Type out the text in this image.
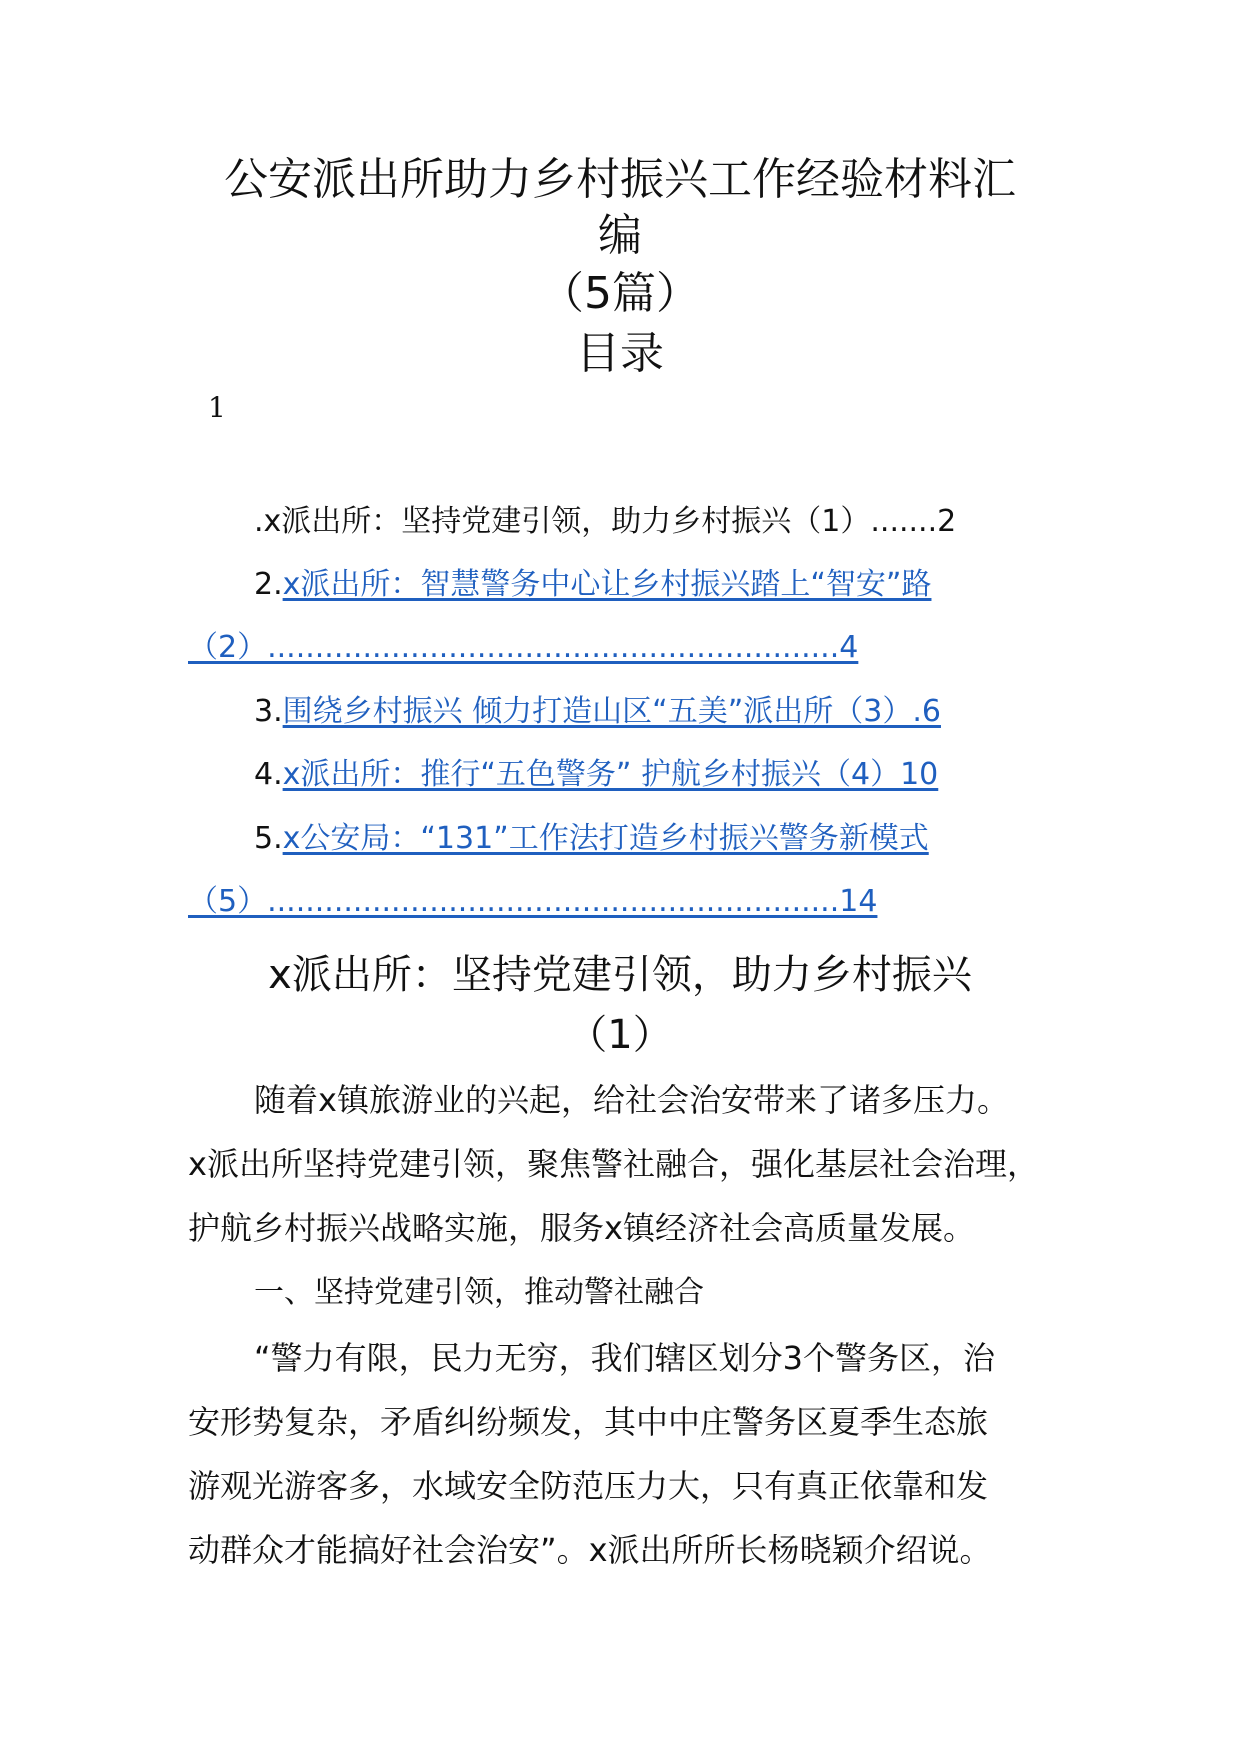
公安派出所助力乡村振兴工作经验材料汇
编
（5篇）
目录
1
.x派出所：坚持党建引领，助力乡村振兴（1）.......2
2.x派出所：智慧警务中心让乡村振兴踏上“智安”路
（2）............................................................4
3.围绕乡村振兴 倾力打造山区“五美”派出所（3）.6
4.x派出所：推行“五色警务” 护航乡村振兴（4）10
5.x公安局：“131”工作法打造乡村振兴警务新模式
（5）............................................................14
x派出所：坚持党建引领，助力乡村振兴
（1）
随着x镇旅游业的兴起，给社会治安带来了诸多压力。
x派出所坚持党建引领，聚焦警社融合，强化基层社会治理，
护航乡村振兴战略实施，服务x镇经济社会高质量发展。
一、坚持党建引领，推动警社融合
“警力有限，民力无穷，我们辖区划分3个警务区，治
安形势复杂，矛盾纠纷频发，其中中庄警务区夏季生态旅
游观光游客多，水域安全防范压力大，只有真正依靠和发
动群众才能搞好社会治安”。x派出所所长杨晓颖介绍说。
